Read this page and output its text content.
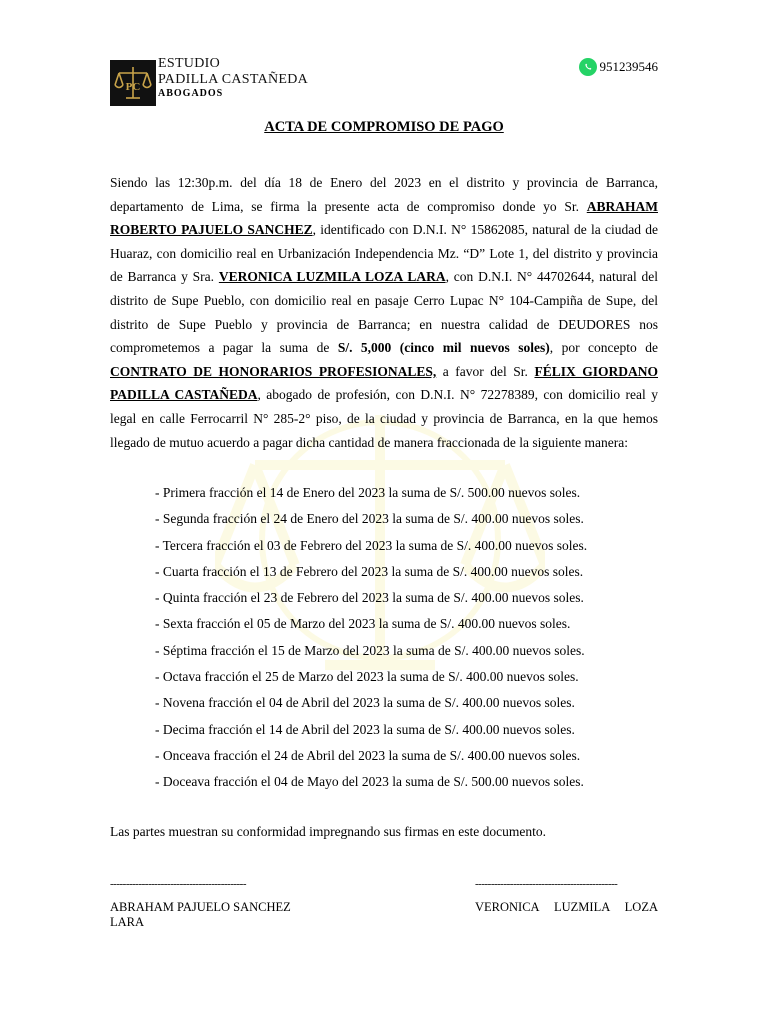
PC
ESTUDIO
PADILLA CASTAÑEDA
ABOGADOS
951239546
ACTA DE COMPROMISO DE PAGO

Siendo las 12:30p.m. del día 18 de Enero del 2023 en el distrito y provincia de Barranca, departamento de Lima, se firma la presente acta de compromiso donde yo Sr. ABRAHAM ROBERTO PAJUELO SANCHEZ, identificado con D.N.I. N° 15862085, natural de la ciudad de Huaraz, con domicilio real en Urbanización Independencia Mz. “D” Lote 1, del distrito y provincia de Barranca y Sra. VERONICA LUZMILA LOZA LARA, con D.N.I. N° 44702644, natural del distrito de Supe Pueblo, con domicilio real en pasaje Cerro Lupac N° 104-Campiña de Supe, del distrito de Supe Pueblo y provincia de Barranca; en nuestra calidad de DEUDORES nos comprometemos a pagar la suma de S/. 5,000 (cinco mil nuevos soles), por concepto de CONTRATO DE HONORARIOS PROFESIONALES, a favor del Sr. FÉLIX GIORDANO PADILLA CASTAÑEDA, abogado de profesión, con D.N.I. N° 72278389, con domicilio real y legal en calle Ferrocarril N° 285-2° piso, de la ciudad y provincia de Barranca, en la que hemos llegado de mutuo acuerdo a pagar dicha cantidad de manera fraccionada de la siguiente manera:

- Primera fracción el 14 de Enero del 2023 la suma de S/. 500.00 nuevos soles.
- Segunda fracción el 24 de Enero del 2023 la suma de S/. 400.00 nuevos soles.
- Tercera fracción el 03 de Febrero del 2023 la suma de S/. 400.00 nuevos soles.
- Cuarta fracción el 13 de Febrero del 2023 la suma de S/. 400.00 nuevos soles.
- Quinta fracción el 23 de Febrero del 2023 la suma de S/. 400.00 nuevos soles.
- Sexta fracción el 05 de Marzo del 2023 la suma de S/. 400.00 nuevos soles.
- Séptima fracción el 15 de Marzo del 2023 la suma de S/. 400.00 nuevos soles.
- Octava fracción el 25 de Marzo del 2023 la suma de S/. 400.00 nuevos soles.
- Novena fracción el 04 de Abril del 2023 la suma de S/. 400.00 nuevos soles.
- Decima fracción el 14 de Abril del 2023 la suma de S/. 400.00 nuevos soles.
- Onceava fracción el 24 de Abril del 2023 la suma de S/. 400.00 nuevos soles.
- Doceava fracción el 04 de Mayo del 2023 la suma de S/. 500.00 nuevos soles.
Las partes muestran su conformidad impregnando sus firmas en este documento.
-------------------------------------------	---------------------------------------------
ABRAHAM PAJUELO SANCHEZ
LARA
VERONICA LUZMILA LOZA
